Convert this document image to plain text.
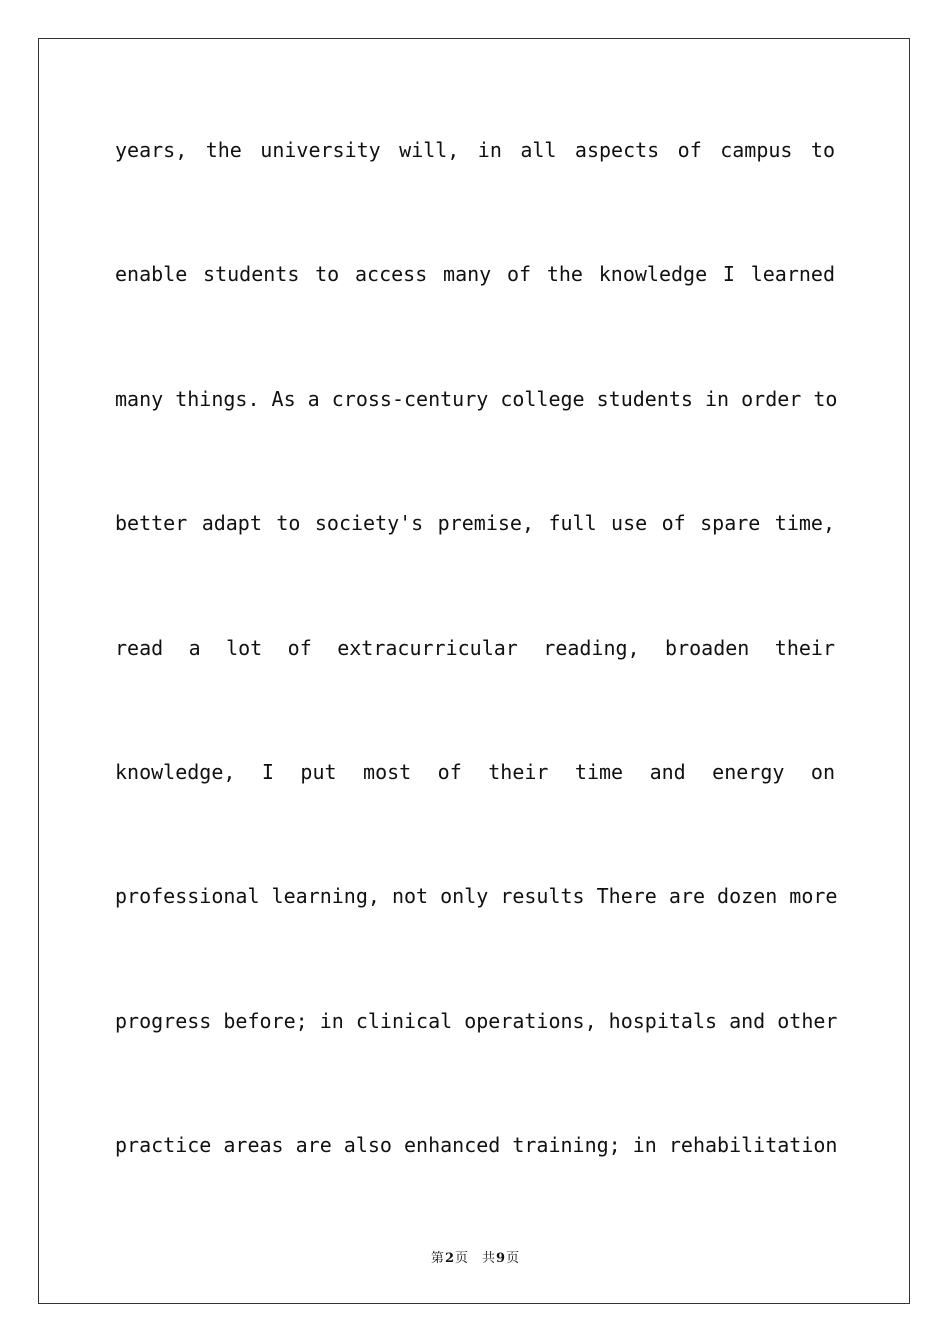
years, the university will, in all aspects of campus to
enable students to access many of the knowledge I learned
many things. As a cross-century college students in order to
better adapt to society's premise, full use of spare time,
read a lot of extracurricular reading, broaden their
knowledge, I put most of their time and energy on
professional learning, not only results There are dozen more
progress before; in clinical operations, hospitals and other
practice areas are also enhanced training; in rehabilitation
第2页 共9页
